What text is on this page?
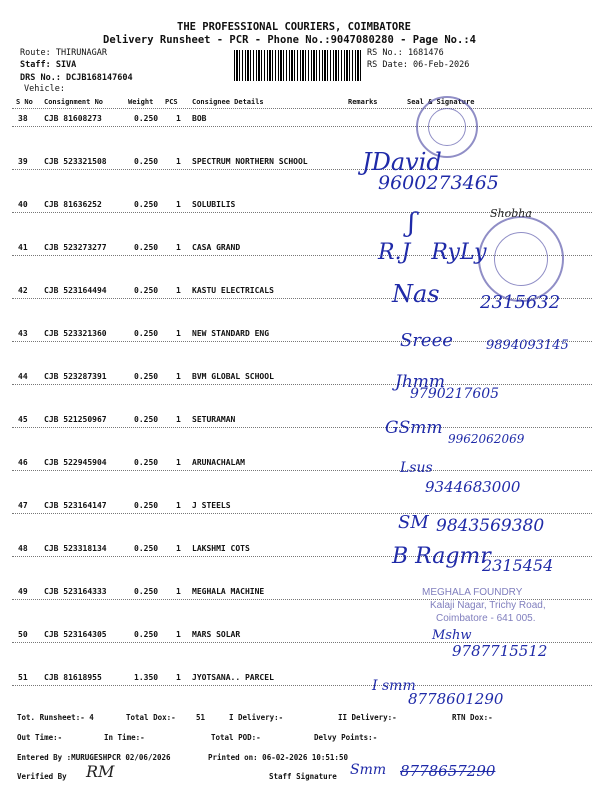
THE PROFESSIONAL COURIERS, COIMBATORE
Delivery Runsheet - PCR - Phone No.:9047080280 - Page No.:4
Route: THIRUNAGAR
Staff: SIVA
DRS No.: DCJB168147604
Vehicle:
RS No.: 1681476
RS Date: 06-Feb-2026
S No Consignment No	Weight PCS Consignee Details	Remarks	Seal & Signature
38 CJB 81608273	0.250 1 BOB
39 CJB 523321508	0.250 1 SPECTRUM NORTHERN SCHOOL
40 CJB 81636252	0.250 1 SOLUBILIS
41 CJB 523273277	0.250 1 CASA GRAND
42 CJB 523164494	0.250 1 KASTU ELECTRICALS
43 CJB 523321360	0.250 1 NEW STANDARD ENG
44 CJB 523287391	0.250 1 BVM GLOBAL SCHOOL
45 CJB 521250967	0.250 1 SETURAMAN
46 CJB 522945904	0.250 1 ARUNACHALAM
47 CJB 523164147	0.250 1 J STEELS
48 CJB 523318134	0.250 1 LAKSHMI COTS
49 CJB 523164333	0.250 1 MEGHALA MACHINE
50 CJB 523164305	0.250 1 MARS SOLAR
51 CJB 81618955	1.350 1 JYOTSANA.. PARCEL
JDavid
9600273465
Shobha
ʃ
R.J   RyLy
Nas 2315632
Sreee	9894093145
Jhmm
9790217605
GSmm
9962062069
Lsus
9344683000
SM 9843569380
B Ragmr
2315454
MEGHALA FOUNDRY
Kalaji Nagar, Trichy Road,
Coimbatore - 641 005.
Mshw
9787715512
I smm
8778601290
Tot. Runsheet:- 4	Total Dox:-	51	I Delivery:-	II Delivery:-	RTN Dox:-
Out Time:-	In Time:-	Total POD:-	Delvy Points:-
Entered By :MURUGESHPCR 02/06/2026	Printed on: 06-02-2026 10:51:50
Verified By RM	Staff Signature Smm 8778657290
